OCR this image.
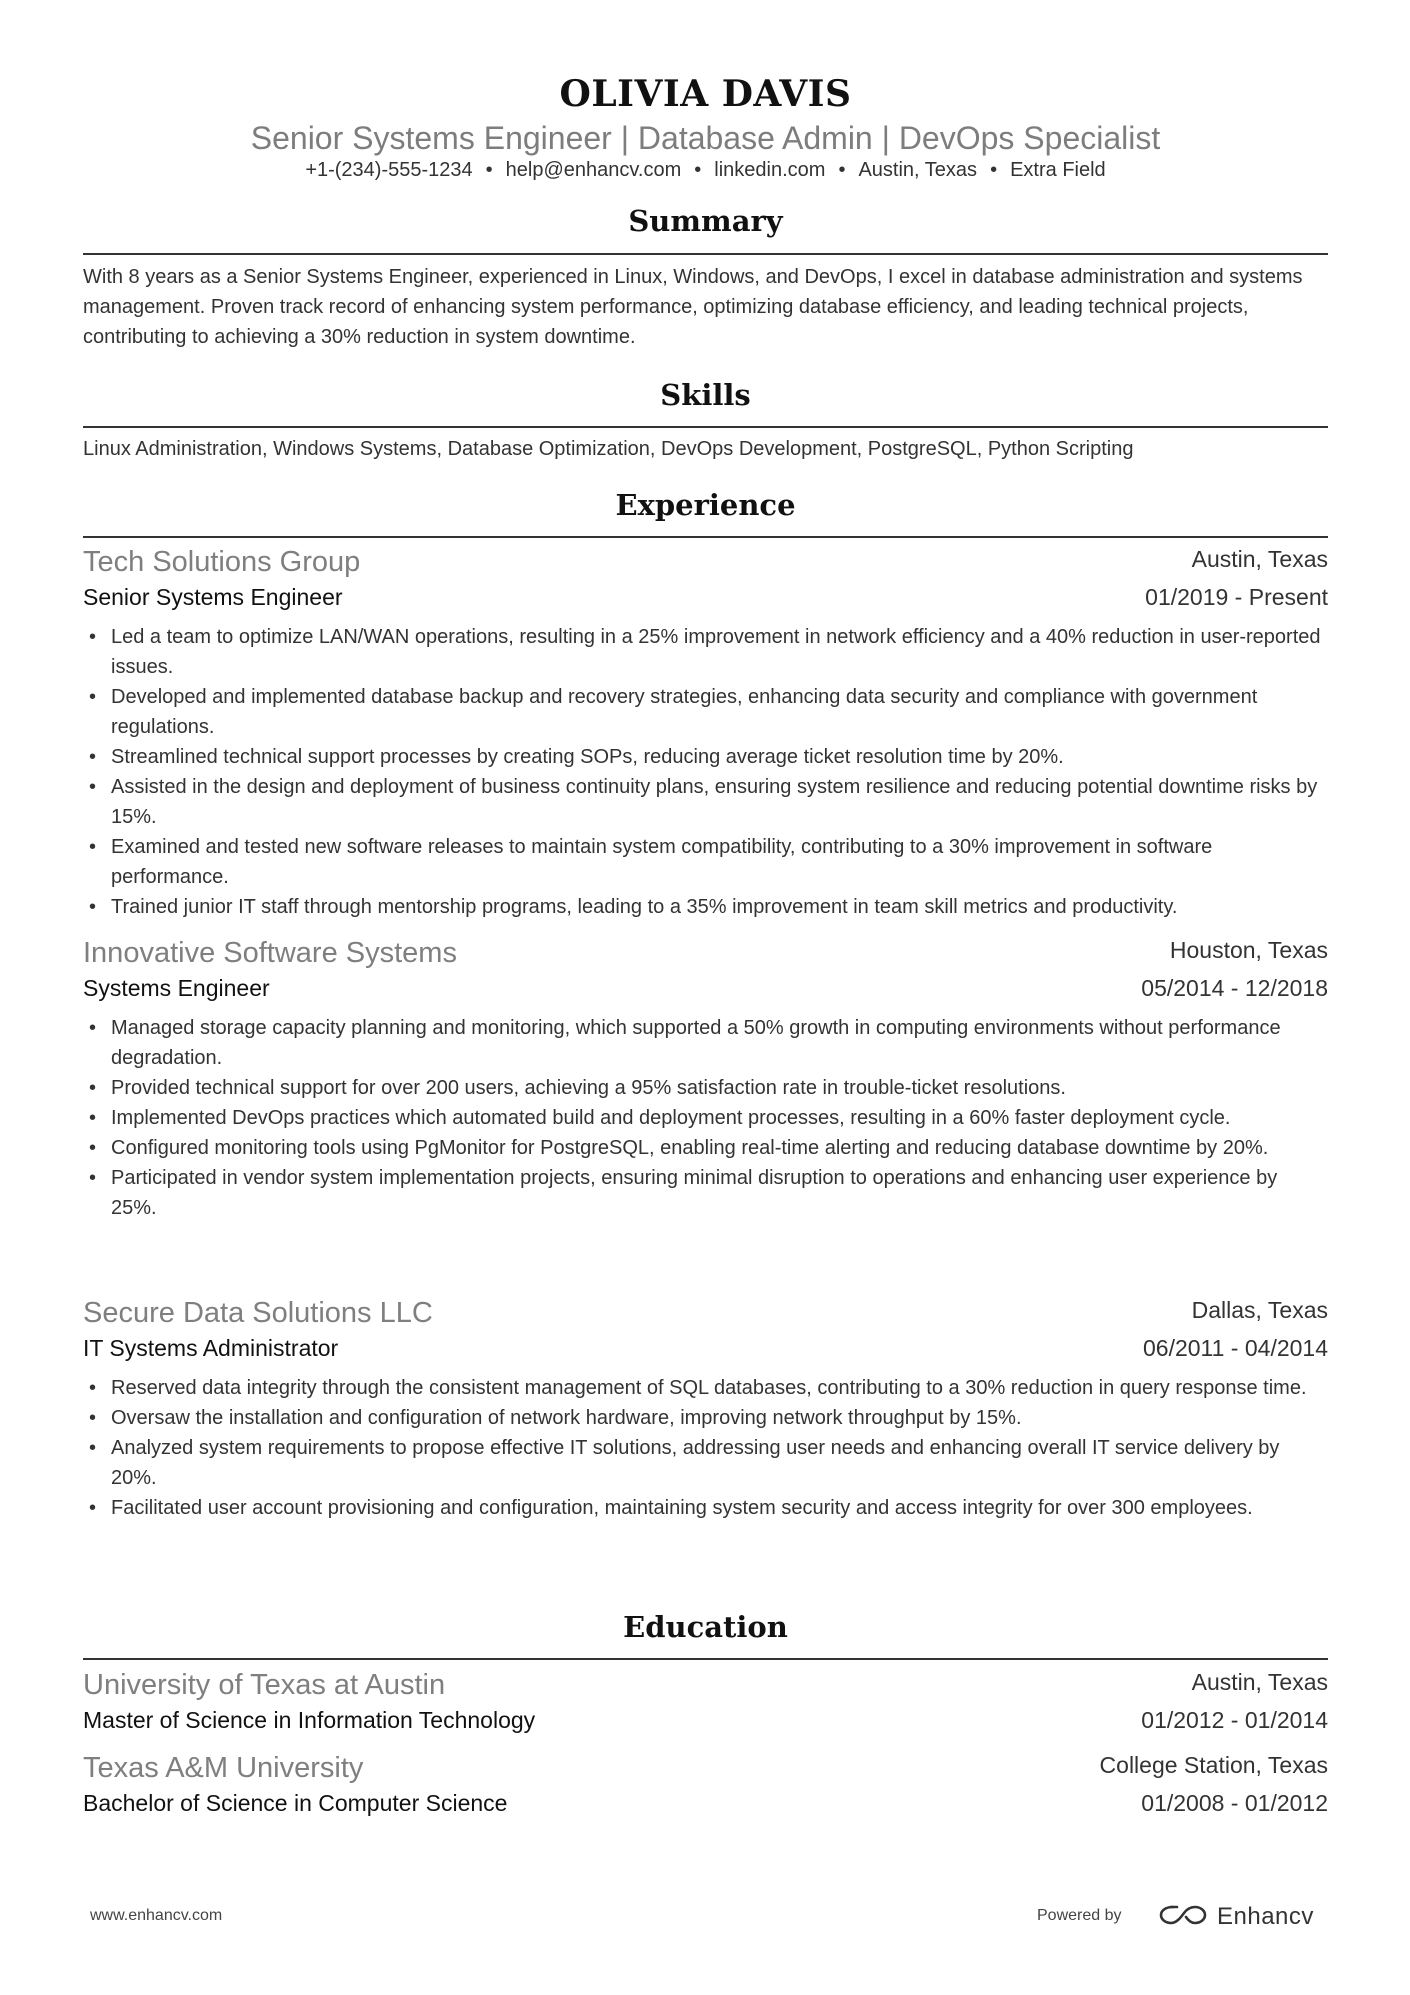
OLIVIA DAVIS
Senior Systems Engineer | Database Admin | DevOps Specialist
+1-(234)-555-1234 • help@enhancv.com • linkedin.com • Austin, Texas • Extra Field
Summary
With 8 years as a Senior Systems Engineer, experienced in Linux, Windows, and DevOps, I excel in database administration and systems management. Proven track record of enhancing system performance, optimizing database efficiency, and leading technical projects, contributing to achieving a 30% reduction in system downtime.
Skills
Linux Administration, Windows Systems, Database Optimization, DevOps Development, PostgreSQL, Python Scripting
Experience
Tech Solutions Group	Austin, Texas
Senior Systems Engineer	01/2019 - Present
• Led a team to optimize LAN/WAN operations, resulting in a 25% improvement in network efficiency and a 40% reduction in user-reported issues.
• Developed and implemented database backup and recovery strategies, enhancing data security and compliance with government regulations.
• Streamlined technical support processes by creating SOPs, reducing average ticket resolution time by 20%.
• Assisted in the design and deployment of business continuity plans, ensuring system resilience and reducing potential downtime risks by 15%.
• Examined and tested new software releases to maintain system compatibility, contributing to a 30% improvement in software performance.
• Trained junior IT staff through mentorship programs, leading to a 35% improvement in team skill metrics and productivity.
Innovative Software Systems	Houston, Texas
Systems Engineer	05/2014 - 12/2018
• Managed storage capacity planning and monitoring, which supported a 50% growth in computing environments without performance degradation.
• Provided technical support for over 200 users, achieving a 95% satisfaction rate in trouble-ticket resolutions.
• Implemented DevOps practices which automated build and deployment processes, resulting in a 60% faster deployment cycle.
• Configured monitoring tools using PgMonitor for PostgreSQL, enabling real-time alerting and reducing database downtime by 20%.
• Participated in vendor system implementation projects, ensuring minimal disruption to operations and enhancing user experience by 25%.
Secure Data Solutions LLC	Dallas, Texas
IT Systems Administrator	06/2011 - 04/2014
• Reserved data integrity through the consistent management of SQL databases, contributing to a 30% reduction in query response time.
• Oversaw the installation and configuration of network hardware, improving network throughput by 15%.
• Analyzed system requirements to propose effective IT solutions, addressing user needs and enhancing overall IT service delivery by 20%.
• Facilitated user account provisioning and configuration, maintaining system security and access integrity for over 300 employees.
Education
University of Texas at Austin	Austin, Texas
Master of Science in Information Technology	01/2012 - 01/2014
Texas A&M University	College Station, Texas
Bachelor of Science in Computer Science	01/2008 - 01/2012
www.enhancv.com	Powered by	Enhancv
